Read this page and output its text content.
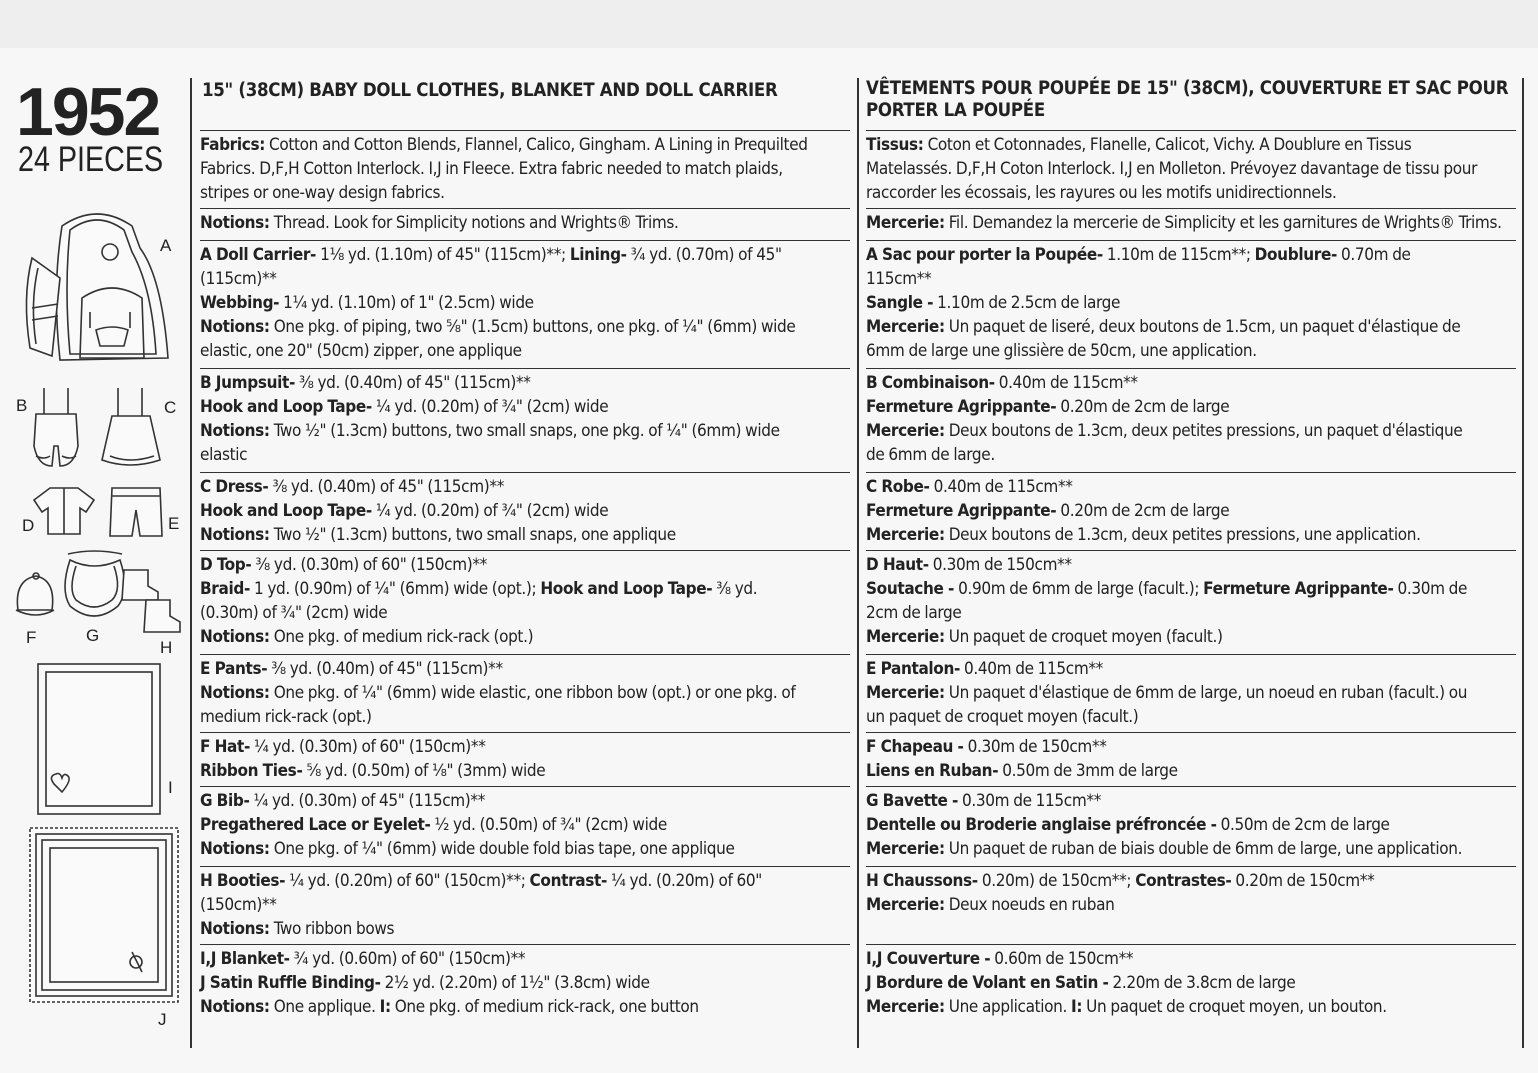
1952
24 PIECES
A
B	C
D	E
F	G
H
I
J
15" (38CM) BABY DOLL CLOTHES, BLANKET AND DOLL CARRIER
Fabrics: Cotton and Cotton Blends, Flannel, Calico, Gingham. A Lining in Prequilted
Fabrics. D,F,H Cotton Interlock. I,J in Fleece. Extra fabric needed to match plaids,
stripes or one-way design fabrics.
Notions: Thread. Look for Simplicity notions and Wrights® Trims.
A Doll Carrier- 1⅛ yd. (1.10m) of 45" (115cm)**; Lining- ¾ yd. (0.70m) of 45"
(115cm)**
Webbing- 1¼ yd. (1.10m) of 1" (2.5cm) wide
Notions: One pkg. of piping, two ⅝" (1.5cm) buttons, one pkg. of ¼" (6mm) wide
elastic, one 20" (50cm) zipper, one applique
B Jumpsuit- ⅜ yd. (0.40m) of 45" (115cm)**
Hook and Loop Tape- ¼ yd. (0.20m) of ¾" (2cm) wide
Notions: Two ½" (1.3cm) buttons, two small snaps, one pkg. of ¼" (6mm) wide
elastic
C Dress- ⅜ yd. (0.40m) of 45" (115cm)**
Hook and Loop Tape- ¼ yd. (0.20m) of ¾" (2cm) wide
Notions: Two ½" (1.3cm) buttons, two small snaps, one applique
D Top- ⅜ yd. (0.30m) of 60" (150cm)**
Braid- 1 yd. (0.90m) of ¼" (6mm) wide (opt.); Hook and Loop Tape- ⅜ yd.
(0.30m) of ¾" (2cm) wide
Notions: One pkg. of medium rick-rack (opt.)
E Pants- ⅜ yd. (0.40m) of 45" (115cm)**
Notions: One pkg. of ¼" (6mm) wide elastic, one ribbon bow (opt.) or one pkg. of
medium rick-rack (opt.)
F Hat- ¼ yd. (0.30m) of 60" (150cm)**
Ribbon Ties- ⅝ yd. (0.50m) of ⅛" (3mm) wide
G Bib- ¼ yd. (0.30m) of 45" (115cm)**
Pregathered Lace or Eyelet- ½ yd. (0.50m) of ¾" (2cm) wide
Notions: One pkg. of ¼" (6mm) wide double fold bias tape, one applique
H Booties- ¼ yd. (0.20m) of 60" (150cm)**; Contrast- ¼ yd. (0.20m) of 60"
(150cm)**
Notions: Two ribbon bows
I,J Blanket- ¾ yd. (0.60m) of 60" (150cm)**
J Satin Ruffle Binding- 2½ yd. (2.20m) of 1½" (3.8cm) wide
Notions: One applique. I: One pkg. of medium rick-rack, one button
VÊTEMENTS POUR POUPÉE DE 15" (38CM), COUVERTURE ET SAC POUR
PORTER LA POUPÉE
Tissus: Coton et Cotonnades, Flanelle, Calicot, Vichy. A Doublure en Tissus
Matelassés. D,F,H Coton Interlock. I,J en Molleton. Prévoyez davantage de tissu pour
raccorder les écossais, les rayures ou les motifs unidirectionnels.
Mercerie: Fil. Demandez la mercerie de Simplicity et les garnitures de Wrights® Trims.
A Sac pour porter la Poupée- 1.10m de 115cm**; Doublure- 0.70m de
115cm**
Sangle - 1.10m de 2.5cm de large
Mercerie: Un paquet de liseré, deux boutons de 1.5cm, un paquet d'élastique de
6mm de large une glissière de 50cm, une application.
B Combinaison- 0.40m de 115cm**
Fermeture Agrippante- 0.20m de 2cm de large
Mercerie: Deux boutons de 1.3cm, deux petites pressions, un paquet d'élastique
de 6mm de large.
C Robe- 0.40m de 115cm**
Fermeture Agrippante- 0.20m de 2cm de large
Mercerie: Deux boutons de 1.3cm, deux petites pressions, une application.
D Haut- 0.30m de 150cm**
Soutache - 0.90m de 6mm de large (facult.); Fermeture Agrippante- 0.30m de
2cm de large
Mercerie: Un paquet de croquet moyen (facult.)
E Pantalon- 0.40m de 115cm**
Mercerie: Un paquet d'élastique de 6mm de large, un noeud en ruban (facult.) ou
un paquet de croquet moyen (facult.)
F Chapeau - 0.30m de 150cm**
Liens en Ruban- 0.50m de 3mm de large
G Bavette - 0.30m de 115cm**
Dentelle ou Broderie anglaise préfroncée - 0.50m de 2cm de large
Mercerie: Un paquet de ruban de biais double de 6mm de large, une application.
H Chaussons- 0.20m) de 150cm**; Contrastes- 0.20m de 150cm**
Mercerie: Deux noeuds en ruban
I,J Couverture - 0.60m de 150cm**
J Bordure de Volant en Satin - 2.20m de 3.8cm de large
Mercerie: Une application. I: Un paquet de croquet moyen, un bouton.
